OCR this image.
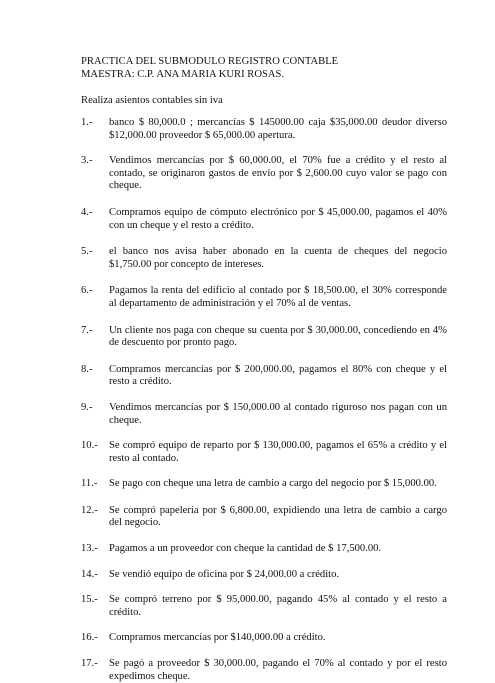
PRACTICA DEL SUBMODULO REGISTRO CONTABLE
MAESTRA: C.P. ANA MARIA KURI ROSAS.
Realiza asientos contables sin iva
1.-	banco $ 80,000.0 ; mercancías $ 145000.00 caja $35,000.00 deudor diverso $12,000.00 proveedor $ 65,000.00 apertura.
3.-	Vendimos mercancías por $ 60,000.00, el 70% fue a crédito y el resto al contado, se originaron gastos de envío por $ 2,600.00 cuyo valor se pago con cheque.
4.-	Compramos equipo de cómputo electrónico por $ 45,000.00, pagamos el 40% con un cheque y el resto a crédito.
5.-	el banco nos avisa haber abonado en la cuenta de cheques del negocio $1,750.00 por concepto de intereses.
6.-	Pagamos la renta del edificio al contado por $ 18,500.00, el 30% corresponde al departamento de administración y el 70% al de ventas.
7.-	Un cliente nos paga con cheque su cuenta por $ 30,000.00, concediendo en 4% de descuento por pronto pago.
8.-	Compramos mercancías por $ 200,000.00, pagamos el 80% con cheque y el resto a crédito.
9.-	Vendimos mercancías por $ 150,000.00 al contado riguroso nos pagan con un cheque.
10.-	Se compró equipo de reparto por $ 130,000.00, pagamos el 65% a crédito y el resto al contado.
11.-	Se pago con cheque una letra de cambio a cargo del negocio por $ 15,000.00.
12.-	Se compró papelería por $ 6,800.00, expidiendo una letra de cambio a cargo del negocio.
13.-	Pagamos a un proveedor con cheque la cantidad de $ 17,500.00.
14.-	Se vendió equipo de oficina por $ 24,000.00 a crédito.
15.-	Se compró terreno por $ 95,000.00, pagando 45% al contado y el resto a crédito.
16.-	Compramos mercancías por $140,000.00 a crédito.
17.-	Se pagó a proveedor $ 30,000.00, pagando el 70% al contado y por el resto expedimos cheque.
